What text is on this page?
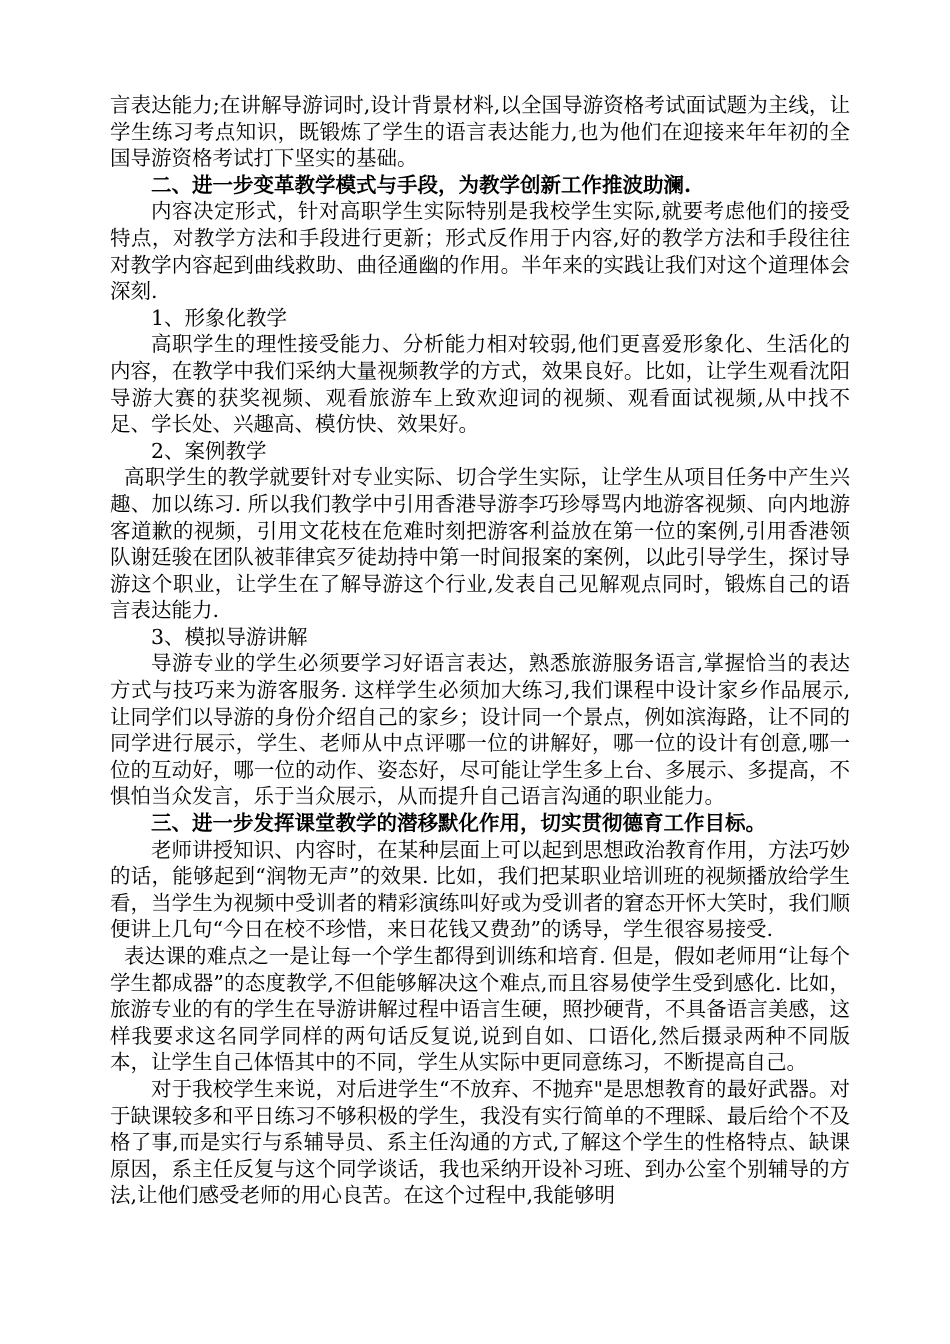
言表达能力;在讲解导游词时,设计背景材料,以全国导游资格考试面试题为主线，让学生练习考点知识，既锻炼了学生的语言表达能力,也为他们在迎接来年年初的全国导游资格考试打下坚实的基础。

二、进一步变革教学模式与手段，为教学创新工作推波助澜.

内容决定形式，针对高职学生实际特别是我校学生实际,就要考虑他们的接受特点，对教学方法和手段进行更新；形式反作用于内容,好的教学方法和手段往往对教学内容起到曲线救助、曲径通幽的作用。半年来的实践让我们对这个道理体会深刻.

1、形象化教学

高职学生的理性接受能力、分析能力相对较弱,他们更喜爱形象化、生活化的内容，在教学中我们采纳大量视频教学的方式，效果良好。比如，让学生观看沈阳导游大赛的获奖视频、观看旅游车上致欢迎词的视频、观看面试视频,从中找不足、学长处、兴趣高、模仿快、效果好。

2、案例教学

高职学生的教学就要针对专业实际、切合学生实际，让学生从项目任务中产生兴趣、加以练习. 所以我们教学中引用香港导游李巧珍辱骂内地游客视频、向内地游客道歉的视频，引用文花枝在危难时刻把游客利益放在第一位的案例,引用香港领队谢廷骏在团队被菲律宾歹徒劫持中第一时间报案的案例，以此引导学生，探讨导游这个职业，让学生在了解导游这个行业,发表自己见解观点同时，锻炼自己的语言表达能力.

3、模拟导游讲解

导游专业的学生必须要学习好语言表达，熟悉旅游服务语言,掌握恰当的表达方式与技巧来为游客服务. 这样学生必须加大练习,我们课程中设计家乡作品展示,让同学们以导游的身份介绍自己的家乡；设计同一个景点，例如滨海路，让不同的同学进行展示，学生、老师从中点评哪一位的讲解好，哪一位的设计有创意,哪一位的互动好，哪一位的动作、姿态好，尽可能让学生多上台、多展示、多提高，不惧怕当众发言，乐于当众展示，从而提升自己语言沟通的职业能力。

三、进一步发挥课堂教学的潜移默化作用，切实贯彻德育工作目标。

老师讲授知识、内容时，在某种层面上可以起到思想政治教育作用，方法巧妙的话，能够起到“润物无声”的效果. 比如，我们把某职业培训班的视频播放给学生看，当学生为视频中受训者的精彩演练叫好或为受训者的窘态开怀大笑时，我们顺便讲上几句“今日在校不珍惜，来日花钱又费劲”的诱导，学生很容易接受.

表达课的难点之一是让每一个学生都得到训练和培育. 但是，假如老师用“让每个学生都成器”的态度教学,不但能够解决这个难点,而且容易使学生受到感化. 比如，旅游专业的有的学生在导游讲解过程中语言生硬，照抄硬背，不具备语言美感，这样我要求这名同学同样的两句话反复说,说到自如、口语化,然后摄录两种不同版本，让学生自己体悟其中的不同，学生从实际中更同意练习，不断提高自己。

对于我校学生来说，对后进学生“不放弃、不抛弃"是思想教育的最好武器。对于缺课较多和平日练习不够积极的学生，我没有实行简单的不理睬、最后给个不及格了事,而是实行与系辅导员、系主任沟通的方式,了解这个学生的性格特点、缺课原因，系主任反复与这个同学谈话，我也采纳开设补习班、到办公室个别辅导的方法,让他们感受老师的用心良苦。在这个过程中,我能够明
